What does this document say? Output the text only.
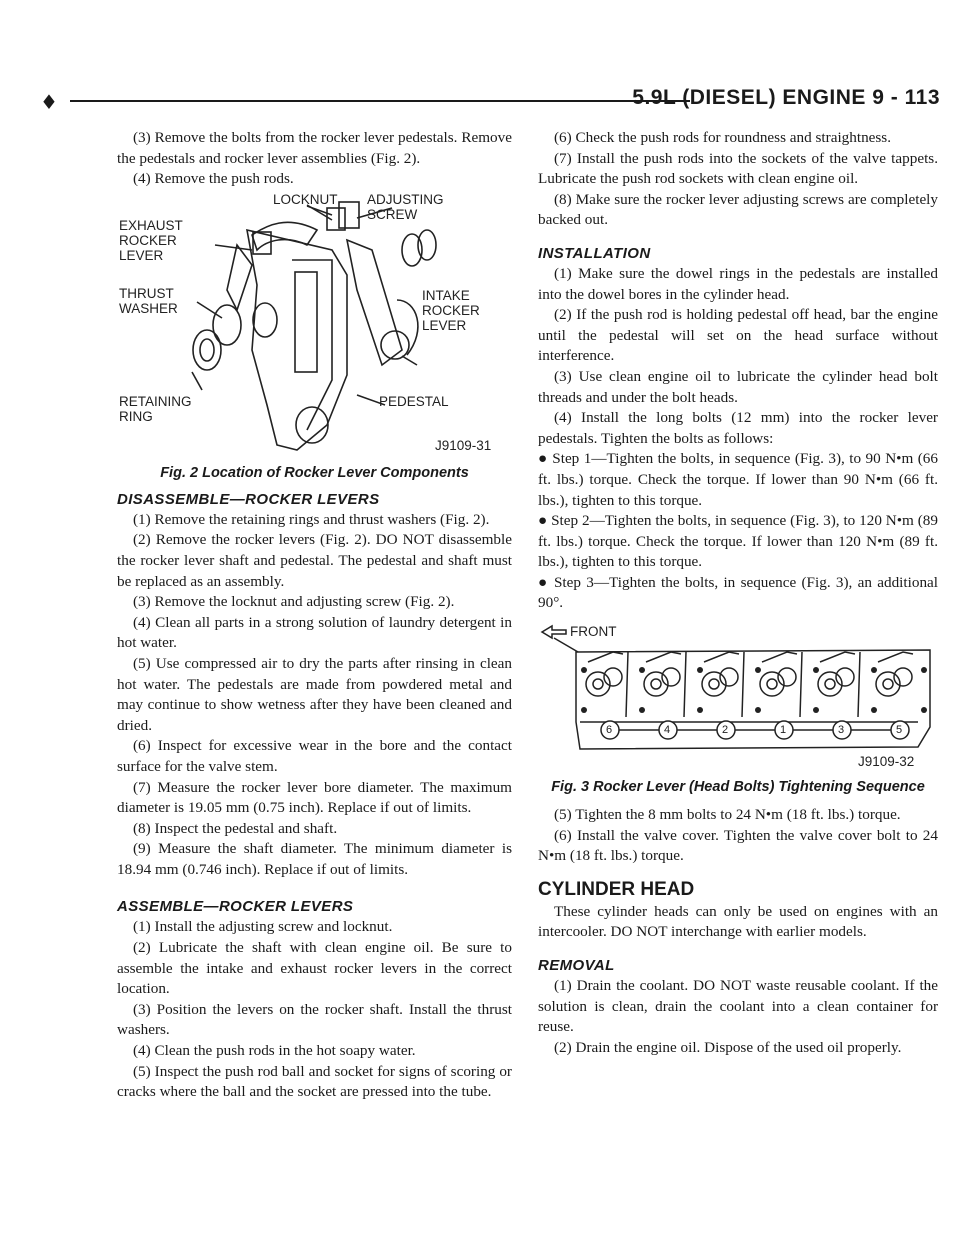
♦	5.9L (DIESEL) ENGINE 9 - 113

(3) Remove the bolts from the rocker lever pedestals. Remove the pedestals and rocker lever assemblies (Fig. 2).

(4) Remove the push rods.

LOCKNUT ADJUSTING
SCREW
EXHAUST
ROCKER
LEVER
THRUST
WASHER
INTAKE
ROCKER
LEVER
RETAINING
RING
PEDESTAL
J9109-31
Fig. 2 Location of Rocker Lever Components
DISASSEMBLE—ROCKER LEVERS

(1) Remove the retaining rings and thrust washers (Fig. 2).

(2) Remove the rocker levers (Fig. 2). DO NOT disassemble the rocker lever shaft and pedestal. The pedestal and shaft must be replaced as an assembly.

(3) Remove the locknut and adjusting screw (Fig. 2).

(4) Clean all parts in a strong solution of laundry detergent in hot water.

(5) Use compressed air to dry the parts after rinsing in clean hot water. The pedestals are made from powdered metal and may continue to show wetness after they have been cleaned and dried.

(6) Inspect for excessive wear in the bore and the contact surface for the valve stem.

(7) Measure the rocker lever bore diameter. The maximum diameter is 19.05 mm (0.75 inch). Replace if out of limits.

(8) Inspect the pedestal and shaft.

(9) Measure the shaft diameter. The minimum diameter is 18.94 mm (0.746 inch). Replace if out of limits.

ASSEMBLE—ROCKER LEVERS

(1) Install the adjusting screw and locknut.

(2) Lubricate the shaft with clean engine oil. Be sure to assemble the intake and exhaust rocker levers in the correct location.

(3) Position the levers on the rocker shaft. Install the thrust washers.

(4) Clean the push rods in the hot soapy water.

(5) Inspect the push rod ball and socket for signs of scoring or cracks where the ball and the socket are pressed into the tube.

(6) Check the push rods for roundness and straightness.

(7) Install the push rods into the sockets of the valve tappets. Lubricate the push rod sockets with clean engine oil.

(8) Make sure the rocker lever adjusting screws are completely backed out.

INSTALLATION

(1) Make sure the dowel rings in the pedestals are installed into the dowel bores in the cylinder head.

(2) If the push rod is holding pedestal off head, bar the engine until the pedestal will set on the head surface without interference.

(3) Use clean engine oil to lubricate the cylinder head bolt threads and under the bolt heads.

(4) Install the long bolts (12 mm) into the rocker lever pedestals. Tighten the bolts as follows:

● Step 1—Tighten the bolts, in sequence (Fig. 3), to 90 N•m (66 ft. lbs.) torque. Check the torque. If lower than 90 N•m (66 ft. lbs.), tighten to this torque.

● Step 2—Tighten the bolts, in sequence (Fig. 3), to 120 N•m (89 ft. lbs.) torque. Check the torque. If lower than 120 N•m (89 ft. lbs.), tighten to this torque.

● Step 3—Tighten the bolts, in sequence (Fig. 3), an additional 90°.

FRONT
6	4	2	1	3	5
J9109-32
Fig. 3 Rocker Lever (Head Bolts) Tightening Sequence

(5) Tighten the 8 mm bolts to 24 N•m (18 ft. lbs.) torque.

(6) Install the valve cover. Tighten the valve cover bolt to 24 N•m (18 ft. lbs.) torque.

CYLINDER HEAD

These cylinder heads can only be used on engines with an intercooler. DO NOT interchange with earlier models.

REMOVAL

(1) Drain the coolant. DO NOT waste reusable coolant. If the solution is clean, drain the coolant into a clean container for reuse.

(2) Drain the engine oil. Dispose of the used oil properly.
